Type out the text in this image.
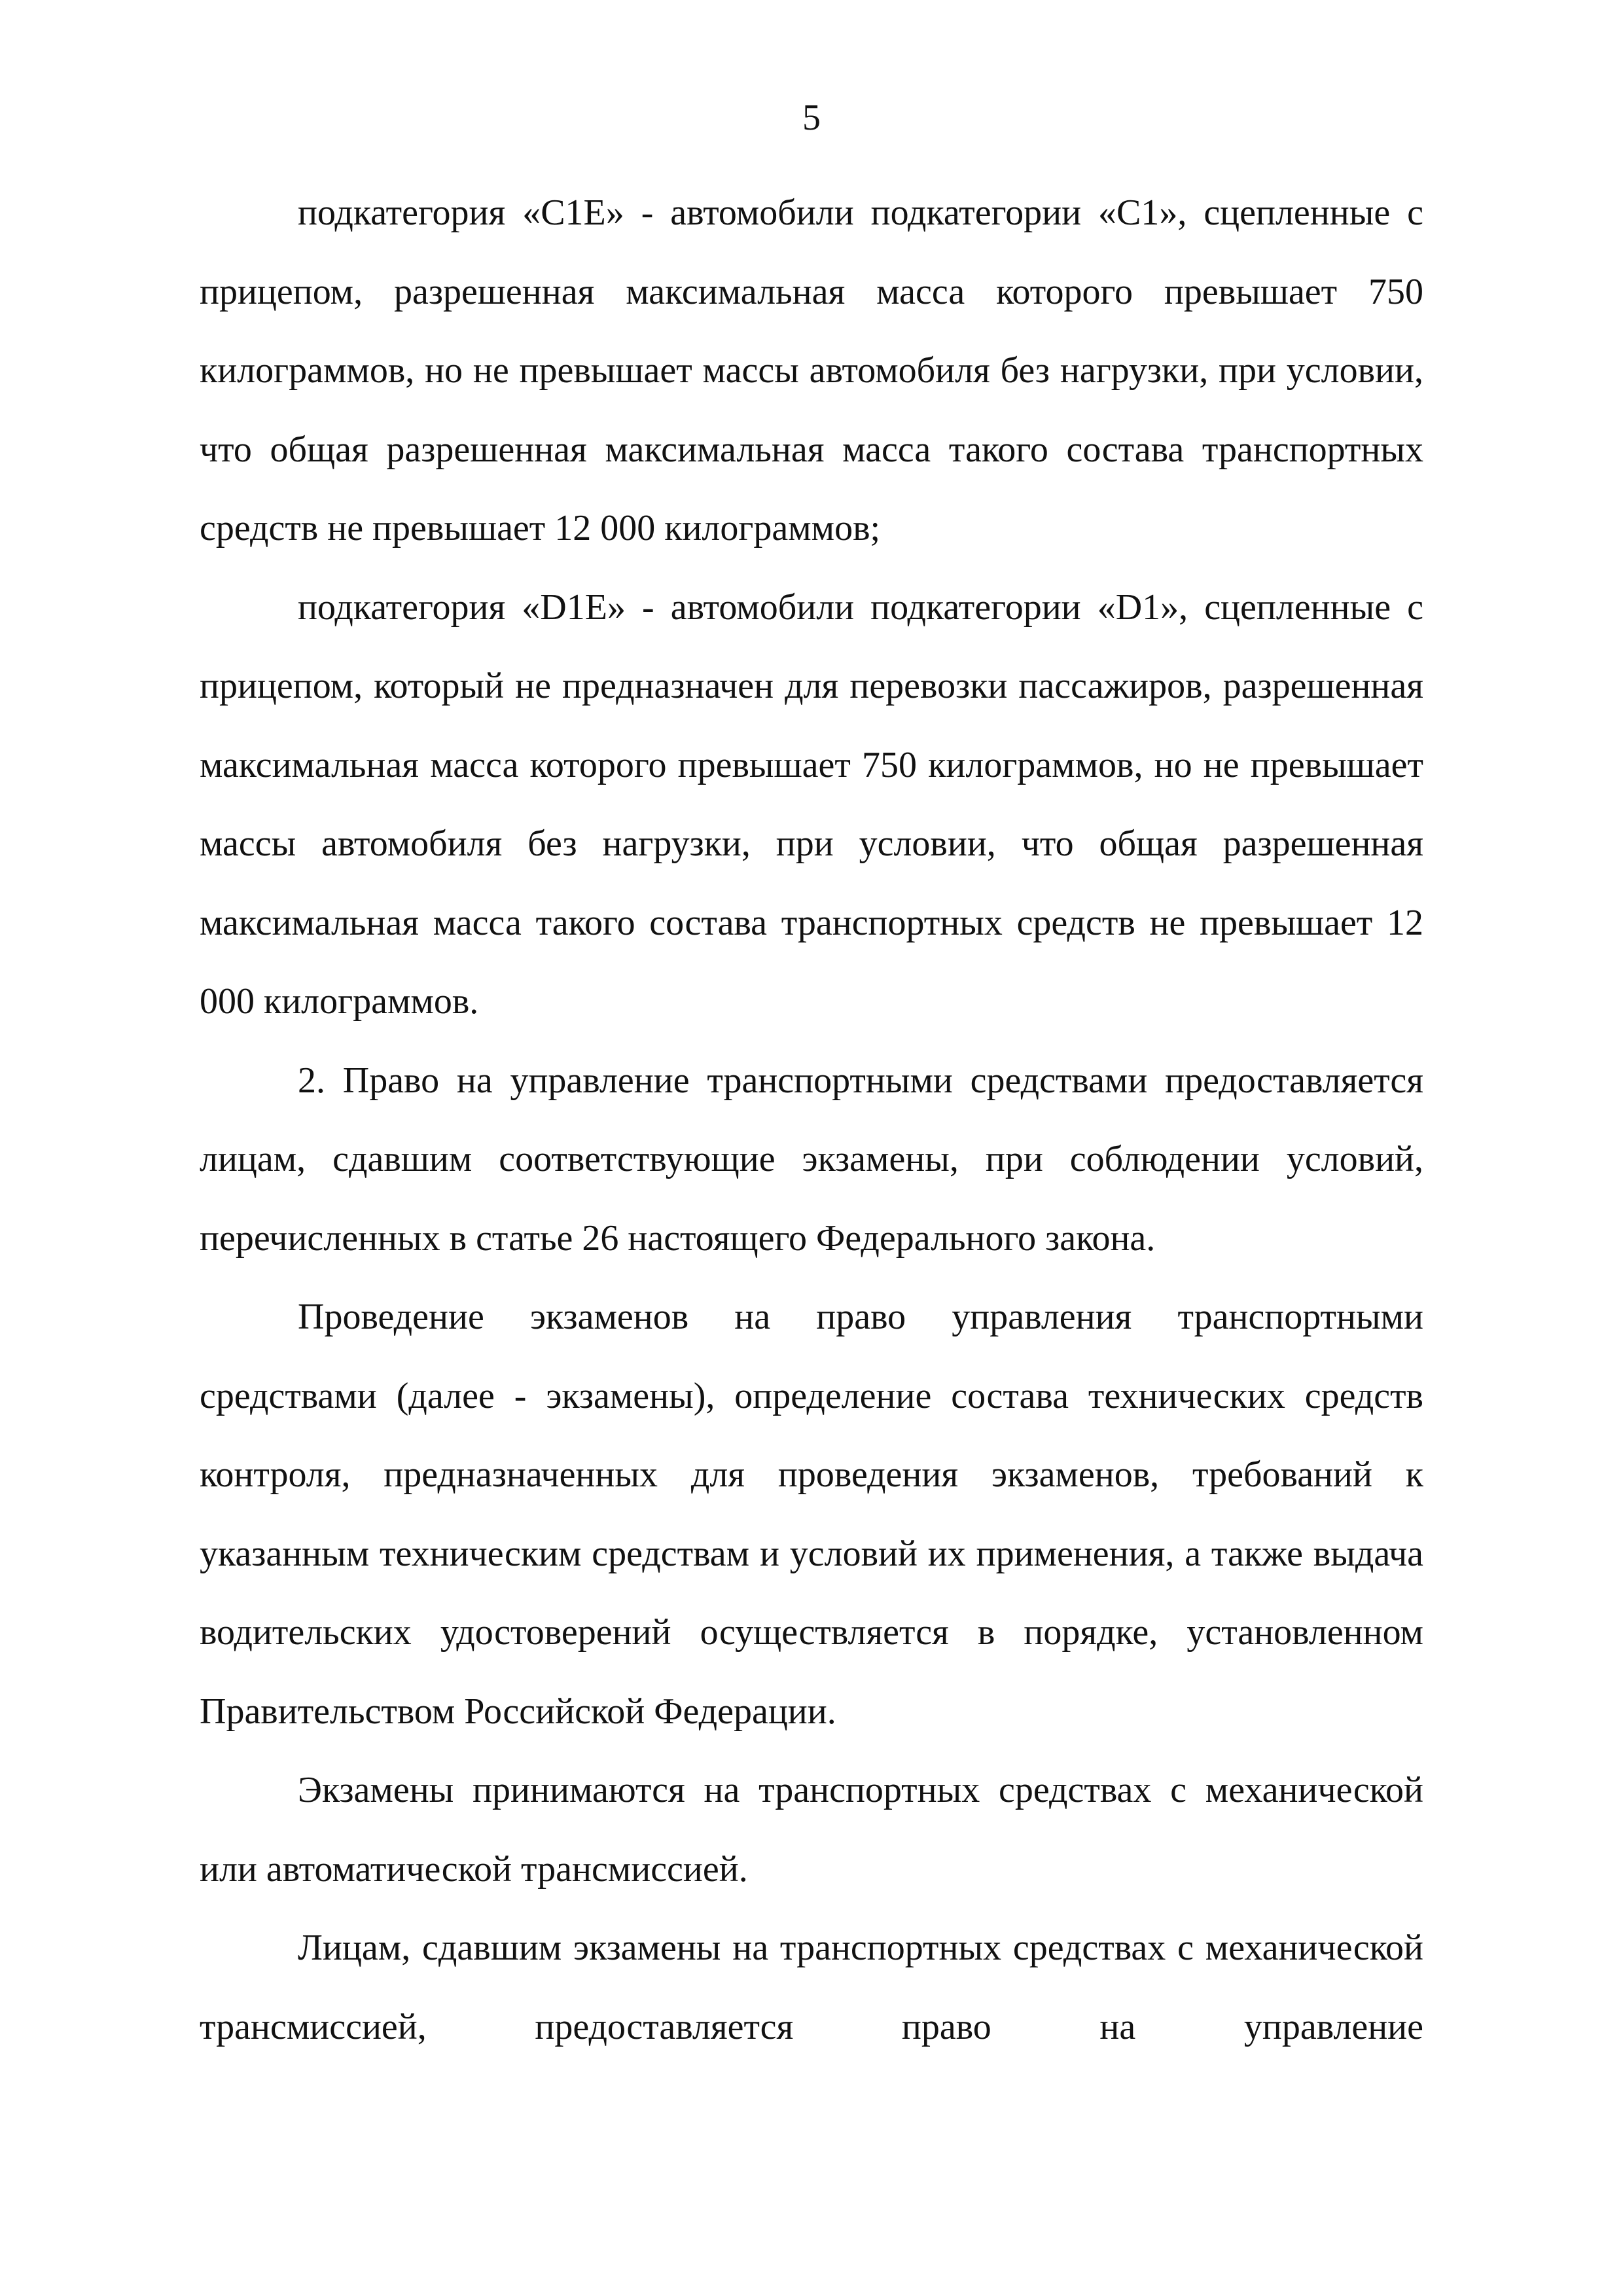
5

подкатегория «C1E» - автомобили подкатегории «C1», сцепленные с прицепом, разрешенная максимальная масса которого превышает 750 килограммов, но не превышает массы автомобиля без нагрузки, при условии, что общая разрешенная максимальная масса такого состава транспортных средств не превышает 12 000 килограммов;

подкатегория «D1E» - автомобили подкатегории «D1», сцепленные с прицепом, который не предназначен для перевозки пассажиров, разрешенная максимальная масса которого превышает 750 килограммов, но не превышает массы автомобиля без нагрузки, при условии, что общая разрешенная максимальная масса такого состава транспортных средств не превышает 12 000 килограммов.

2. Право на управление транспортными средствами предоставляется лицам, сдавшим соответствующие экзамены, при соблюдении условий, перечисленных в статье 26 настоящего Федерального закона.

Проведение экзаменов на право управления транспортными средствами (далее - экзамены), определение состава технических средств контроля, предназначенных для проведения экзаменов, требований к указанным техническим средствам и условий их применения, а также выдача водительских удостоверений осуществляется в порядке, установленном Правительством Российской Федерации.

Экзамены принимаются на транспортных средствах с механической или автоматической трансмиссией.

Лицам, сдавшим экзамены на транспортных средствах с механической трансмиссией, предоставляется право на управление
